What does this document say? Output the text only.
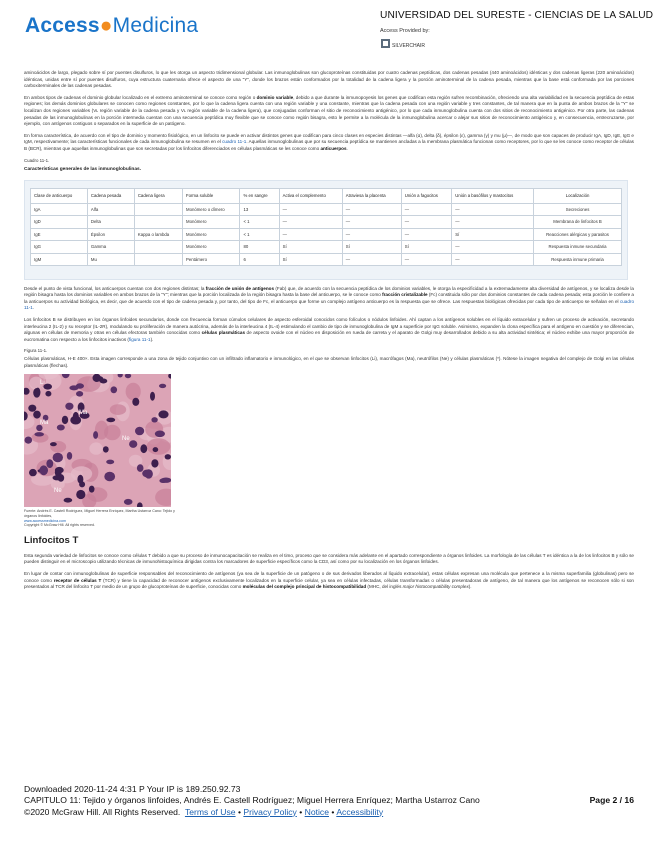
Access●Medicina	UNIVERSIDAD DEL SURESTE - CIENCIAS DE LA SALUD
Access Provided by:
SILVERCHAIR
aminoácidos de largo, plegado sobre sí por puentes disulfuros, lo que les otorga un aspecto tridimensional globular. Las inmunoglobulinas son glucoproteínas constituidas por cuatro cadenas peptídicas, dos cadenas pesadas (440 aminoácidos) idénticas y dos cadenas ligeras (220 aminoácidos) idénticas, unidas entre sí por puentes disulfuros, cuya estructura cuaternaria ofrece el aspecto de una "Y", donde los brazos están conformados por la totalidad de la cadena ligera y la porción aminoterminal de la cadena pesada, mientras que la base está conformada por las porciones carboxiterminales de las cadenas pesadas.
En ambos tipos de cadenas el dominio globular localizado en el extremo aminoterminal se conoce como región o dominio variable, debido a que durante la inmunopoyesis los genes que codifican esta región sufren recombinación, ofreciendo una alta variabilidad en la secuencia peptídica de estas regiones; los demás dominios globulares se conocen como regiones constantes, por lo que la cadena ligera cuenta con una región variable y una constante, mientras que la cadena pesada con una región variable y tres constantes, de tal manera que en la punta de ambos brazos de la "Y" se localizan dos regiones variables (Vʟ región variable de la cadena pesada y Vʟ región variable de la cadena ligera), que conjugadas conforman el sitio de reconocimiento antigénico, por lo que cada inmunoglobulina cuenta con dos sitios de reconocimiento antigénico. Por otra parte, las cadenas pesadas de las inmunoglobulinas en la porción intermedia cuentan con una secuencia peptídica muy flexible que se conoce como región bisagra, esto le permite a la molécula de la inmunoglobulina acercar o alejar sus sitios de reconocimiento antigénico y, en consecuencia, entrecruzarse, por ejemplo, con antígenos contiguos o separados en la superficie de un patógeno.
En forma característica, de acuerdo con el tipo de dominio y momento fisiológico, en un linfocito se puede en activar distintos genes que codifican para cinco clases en especies distintas —alfa (α), delta (δ), épsilon (ε), gamma (γ) y mu (μ)—, de modo que son capaces de producir IgA, IgD, IgE, IgG e IgM, respectivamente; las características funcionales de cada inmunoglobulina se resumen en el cuadro 11-1. Aquellas inmunoglobulinas que por su secuencia peptídica se mantienen ancladas a la membrana plasmática funcionan como receptores, por lo que se les conoce como receptor de células B (BCR), mientras que aquellas inmunoglobulinas que son secretadas por los linfocitos diferenciados en células plasmáticas se les conoce como anticuerpos.
Cuadro 11-1.
Características generales de las inmunoglobulinas.
Clase de anticuerpo	Cadena pesada	Cadena ligera	Forma soluble	% en sangre	Activa el complemento	Atraviesa la placenta	Unión a fagocitos	Unión a basófilos y mastocitos	Localización
IgA	Alfa		Monómero o dímero	13	—	—	—	—	Secreciones
IgD	Delta		Monómero	< 1	—	—	—	—	Membrana de linfocitos B
IgE	Épsilon	Kappa o lambda	Monómero	< 1	—	—	—	Sí	Reacciones alérgicas y parasitos
IgG	Gamma		Monómero	80	Sí	Sí	Sí	—	Respuesta inmune secundaria
IgM	Mu		Pentámero	6	Sí	—	—	—	Respuesta inmune primaria
Desde el punto de vista funcional, los anticuerpos cuentan con dos regiones distintas; la fracción de unión de antígenos (Fab) que, de acuerdo con la secuencia peptídica de los dominios variables, le otorga la especificidad a la extremadamente alta diversidad de antígenos, y se localiza desde la región bisagra hasta los dominios variables en ambos brazos de la "Y"; mientras que la porción localizada de la región bisagra hasta la base del anticuerpo, se le conoce como fracción cristalizable (Fc) constituida sólo por dos dominios constantes de cada cadena pesada; esta porción le confiere a la anticuerpos su actividad biológica, es decir, que de acuerdo con el tipo de cadena pesada y, por tanto, del tipo de Fc, el anticuerpo que forme un complejo antígeno anticuerpo es la respuesta que se ofrece. Las respuestas biológicas ofrecidas por cada tipo de anticuerpo se señalan en el cuadro 11-1.
Los linfocitos B se distribuyen en los órganos linfoides secundarios, donde con frecuencia forman cúmulos celulares de aspecto esferoidal conocidos como folículos o nódulos linfoides. Ahí captan a los antígenos solubles en el líquido extracelular y sufren un proceso de activación, secretando interleucina 2 (IL-2) y su receptor (IL-2R), modulando su proliferación de manera autócrina, además de la interleucina 4 (IL-4) estimulando el cambio de tipo de inmunoglobulina de IgM a superficie por IgG soluble. Asimismo, expanden la clona específica para el antígeno en cuestión y se diferencian, algunas en células de memoria y otras en células efectoras también conocidas como células plasmáticas de aspecto ovoide con el núcleo en disposición en rueda de carreta y el aparato de Golgi muy desarrollados debido a su alta actividad sintética; el núcleo exhibe una mayor proporción de eucromatina con respecto a los linfocitos inactivos (figura 11-1).
Figura 11-1.
Células plasmáticas, H-E 400×. Esta imagen corresponde a una zona de tejido conjuntivo con un infiltrado inflamatorio e inmunológico, en el que se observan linfocitos (Li), macrófagos (Ma), neutrófilos (Ne) y células plasmáticas (*). Nótese la imagen negativa del complejo de Golgi en las células plasmáticas (flechas).
Li
Ma
Ne
Ma
Ne
Fuente: Andrés E. Castell Rodríguez, Miguel Herrera Enríquez, Martha Ustarroz Cano: Tejido y órganos linfoides,
www.accessmedicina.com
Copyright © McGraw Hill. All rights reserved.
Linfocitos T
Esta segunda variedad de linfocitos se conoce como células T debido a que su proceso de inmunocapacitación se realiza en el timo, proceso que se considera más adelante en el apartado correspondiente a órganos linfoides. La morfología de las células T es idéntica a la de los linfocitos B y sólo se pueden distinguir en el microscopio utilizando técnicas de inmunohistoquímica dirigidas contra los marcadores de superficie específicos como la CD3, así como por su localización en los órganos linfoides.
En lugar de contar con inmunoglobulinas de superficie responsables del reconocimiento de antígenos (ya sea de la superficie de un patógeno o de sus derivados liberados al líquido extracelular), estas células expresan una molécula que pertenece a la misma superfamilia (globulinas) pero se conoce como receptor de células T (TCR) y tiene la capacidad de reconocer antígenos exclusivamente localizados en la superficie celular, ya sea en células infectadas, células transformadas o células presentadoras de antígeno, de tal manera que los antígenos se reconocen sólo si son presentados al TCR del linfocito T por medio de un grupo de glucoproteínas de superficie, conocidas como moléculas del complejo principal de histocompatibilidad (MHC, del inglés major histocompatibility complex).
Downloaded 2020-11-24 4:31 P Your IP is 189.250.92.73
CAPITULO 11: Tejido y órganos linfoides, Andrés E. Castell Rodríguez; Miguel Herrera Enríquez; Martha Ustarroz Cano
©2020 McGraw Hill. All Rights Reserved. Terms of Use • Privacy Policy • Notice • Accessibility
Page 2 / 16
